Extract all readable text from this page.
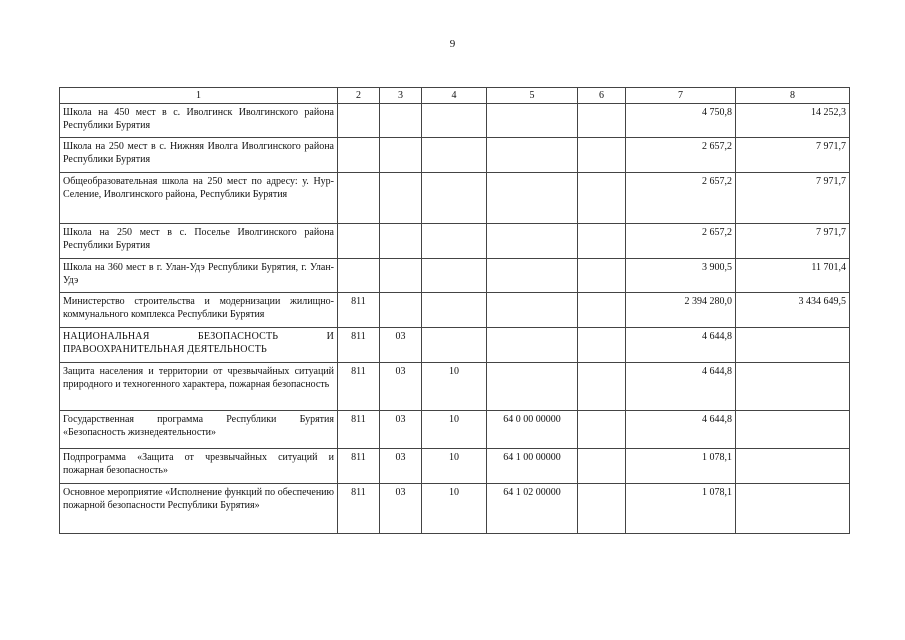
9
1	2	3	4	5	6	7	8
Школа на 450 мест в с. Иволгинск Иволгинского района Республики Бурятия						4 750,8	14 252,3
Школа на 250 мест в с. Нижняя Иволга Иволгинского района Республики Бурятия						2 657,2	7 971,7
Общеобразовательная школа на 250 мест по адресу: у. Нур-Селение, Иволгинского района, Республики Бурятия						2 657,2	7 971,7
Школа на 250 мест в с. Поселье Иволгинского района Республики Бурятия						2 657,2	7 971,7
Школа на 360 мест в г. Улан-Удэ Республики Бурятия, г. Улан-Удэ						3 900,5	11 701,4
Министерство строительства и модернизации жилищно-коммунального комплекса Республики Бурятия	811					2 394 280,0	3 434 649,5
НАЦИОНАЛЬНАЯ БЕЗОПАСНОСТЬ И ПРАВООХРАНИТЕЛЬНАЯ ДЕЯТЕЛЬНОСТЬ	811	03				4 644,8	
Защита населения и территории от чрезвычайных ситуаций природного и техногенного характера, пожарная безопасность	811	03	10			4 644,8	
Государственная программа Республики Бурятия «Безопасность жизнедеятельности»	811	03	10	64 0 00 00000		4 644,8	
Подпрограмма «Защита от чрезвычайных ситуаций и пожарная безопасность»	811	03	10	64 1 00 00000		1 078,1	
Основное мероприятие «Исполнение функций по обеспечению пожарной безопасности Республики Бурятия»	811	03	10	64 1 02 00000		1 078,1	
